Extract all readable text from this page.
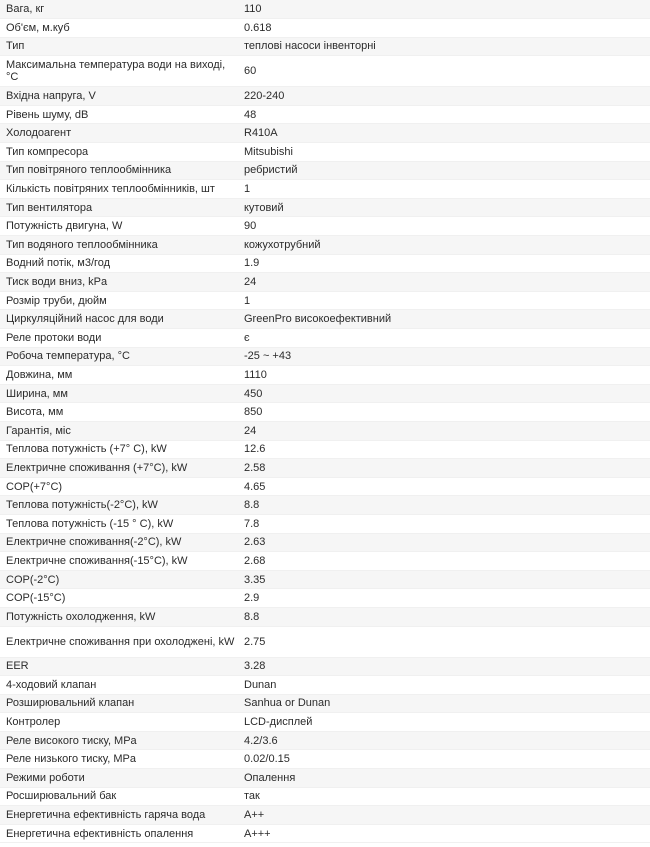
Вага, кг	110
Об'єм, м.куб	0.618
Тип	теплові насоси інвенторні
Максимальна температура води на виході, °C	60
Вхідна напруга, V	220-240
Рівень шуму, dB	48
Холодоагент	R410A
Тип компресора	Mitsubishi
Тип повітряного теплообмінника	ребристий
Кількість повітряних теплообмінників, шт	1
Тип вентилятора	кутовий
Потужність двигуна, W	90
Тип водяного теплообмінника	кожухотрубний
Водний потік, м3/год	1.9
Тиск води вниз, kPa	24
Розмір труби, дюйм	1
Циркуляційний насос для води	GreenPro високоефективний
Реле протоки води	є
Робоча температура, °C	-25 ~ +43
Довжина, мм	1110
Ширина, мм	450
Висота, мм	850
Гарантія, міс	24
Теплова потужність (+7° С), kW	12.6
Електричне споживання (+7°C), kW	2.58
COP(+7°C)	4.65
Теплова потужність(-2°C), kW	8.8
Теплова потужність (-15 ° C), kW	7.8
Електричне споживання(-2°C), kW	2.63
Електричне споживання(-15°C), kW	2.68
COP(-2°C)	3.35
COP(-15°C)	2.9
Потужність охолодження, kW	8.8
Електричне споживання при охолоджені, kW	2.75
EER	3.28
4-ходовий клапан	Dunan
Розширювальний клапан	Sanhua or Dunan
Контролер	LCD-дисплей
Реле високого тиску, MPa	4.2/3.6
Реле низького тиску, MPa	0.02/0.15
Режими роботи	Опалення
Росширювальний бак	так
Енергетична ефективність гаряча вода	A++
Енергетична ефективність опалення	A+++
